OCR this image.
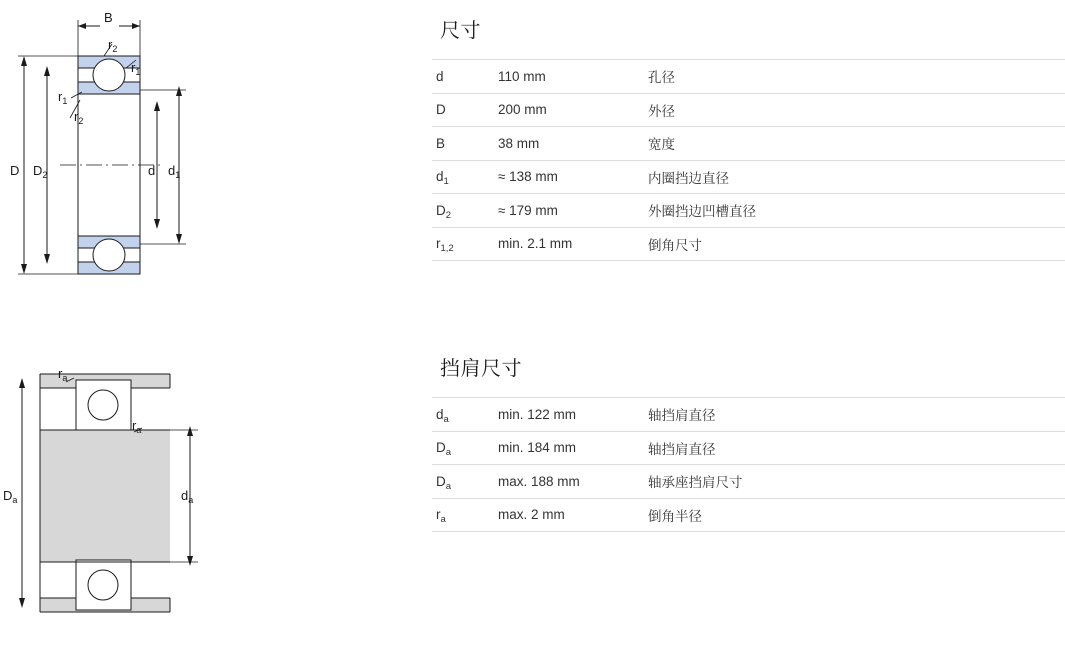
B
$r_2$
$r_1$
$r_1$
$r_2$
D $D_2$	d $d_1$
$r_a$
$r_a$
$D_a$	$d_a$
尺寸
d	110 mm	孔径
D	200 mm	外径
B	38 mm	宽度
$d_1$	≈ 138 mm	内圈挡边直径
$D_2$	≈ 179 mm	外圈挡边凹槽直径
$r_{1,2}$	min. 2.1 mm	倒角尺寸
挡肩尺寸
$d_a$	min. 122 mm	轴挡肩直径
$D_a$	min. 184 mm	轴挡肩直径
$D_a$	max. 188 mm	轴承座挡肩尺寸
$r_a$	max. 2 mm	倒角半径
